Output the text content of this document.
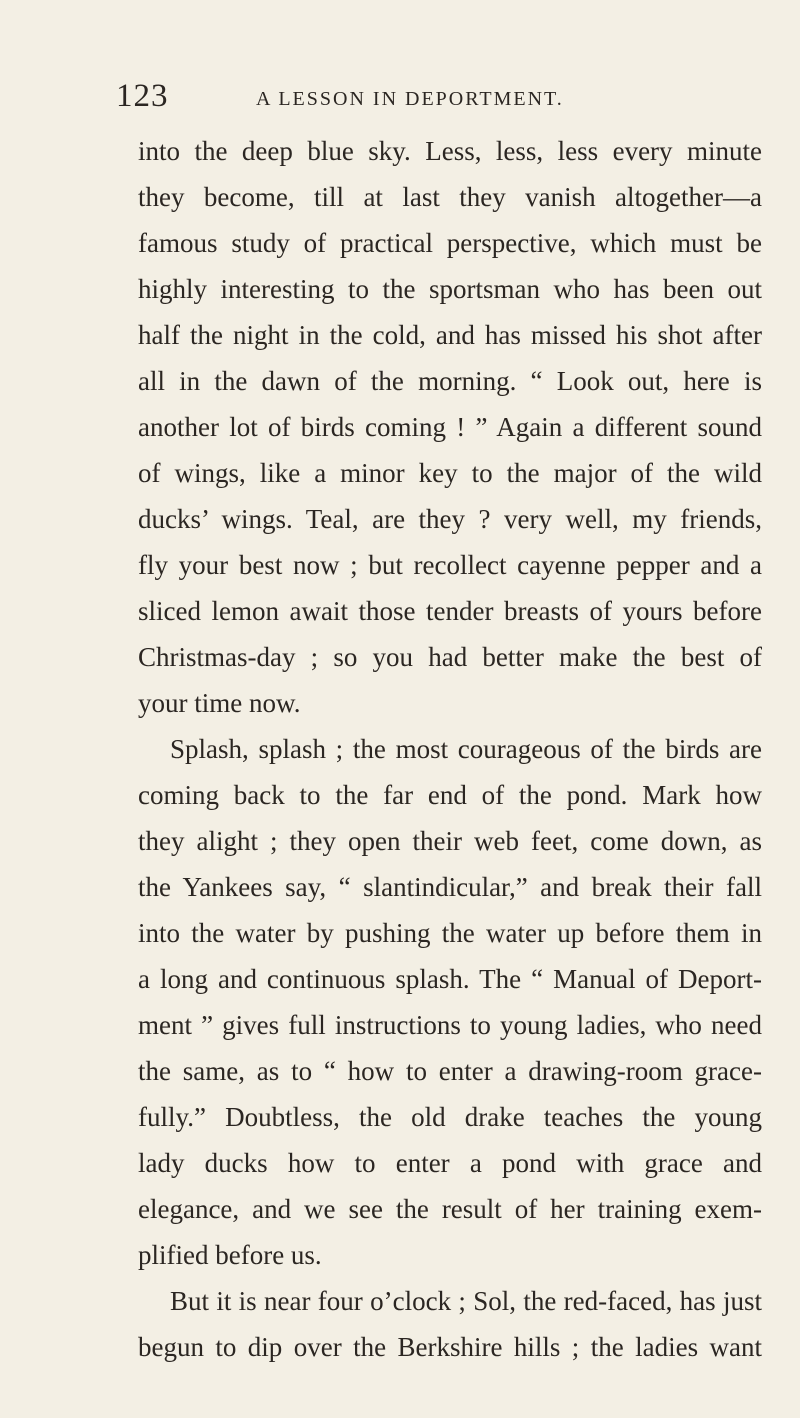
123	A LESSON IN DEPORTMENT.
into the deep blue sky. Less, less, less every minute
they become, till at last they vanish altogether—a
famous study of practical perspective, which must be
highly interesting to the sportsman who has been out
half the night in the cold, and has missed his shot after
all in the dawn of the morning. “ Look out, here is
another lot of birds coming ! ” Again a different sound
of wings, like a minor key to the major of the wild
ducks’ wings. Teal, are they ? very well, my friends,
fly your best now ; but recollect cayenne pepper and a
sliced lemon await those tender breasts of yours before
Christmas-day ; so you had better make the best of
your time now.
Splash, splash ; the most courageous of the birds are
coming back to the far end of the pond. Mark how
they alight ; they open their web feet, come down, as
the Yankees say, “ slantindicular,” and break their fall
into the water by pushing the water up before them in
a long and continuous splash. The “ Manual of Deport-
ment ” gives full instructions to young ladies, who need
the same, as to “ how to enter a drawing-room grace-
fully.” Doubtless, the old drake teaches the young
lady ducks how to enter a pond with grace and
elegance, and we see the result of her training exem-
plified before us.
But it is near four o’clock ; Sol, the red-faced, has just
begun to dip over the Berkshire hills ; the ladies want
